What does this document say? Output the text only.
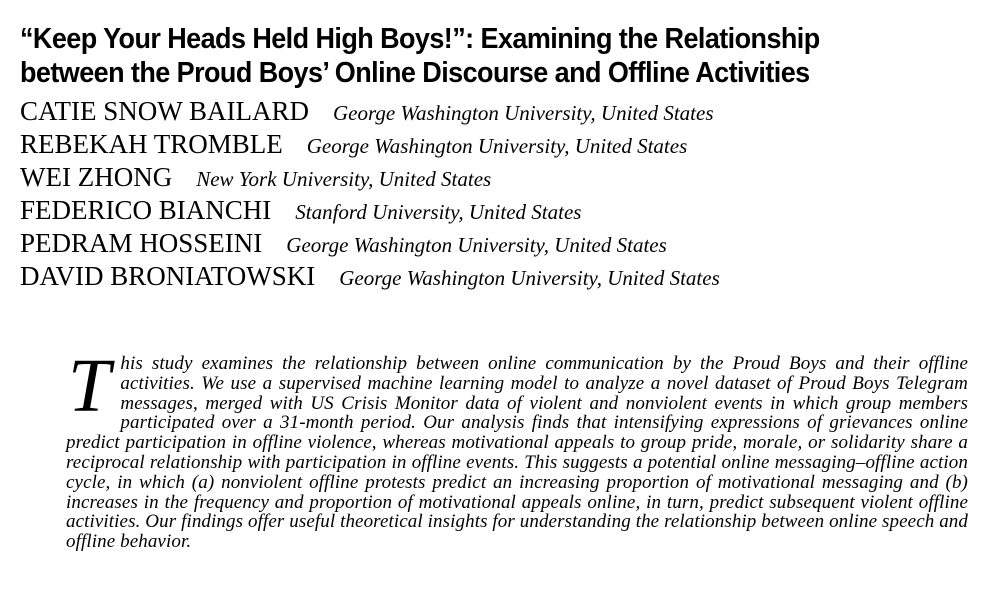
“Keep Your Heads Held High Boys!”: Examining the Relationship
between the Proud Boys’ Online Discourse and Offline Activities
CATIE SNOW BAILARD George Washington University, United States
REBEKAH TROMBLE George Washington University, United States
WEI ZHONG New York University, United States
FEDERICO BIANCHI Stanford University, United States
PEDRAM HOSSEINI George Washington University, United States
DAVID BRONIATOWSKI George Washington University, United States
This study examines the relationship between online communication by the Proud Boys and their offline activities. We use a supervised machine learning model to analyze a novel dataset of Proud Boys Telegram messages, merged with US Crisis Monitor data of violent and nonviolent events in which group members participated over a 31-month period. Our analysis finds that intensifying expressions of grievances online predict participation in offline violence, whereas motivational appeals to group pride, morale, or solidarity share a reciprocal relationship with participation in offline events. This suggests a potential online messaging–offline action cycle, in which (a) nonviolent offline protests predict an increasing proportion of motivational messaging and (b) increases in the frequency and proportion of motivational appeals online, in turn, predict subsequent violent offline activities. Our findings offer useful theoretical insights for understanding the relationship between online speech and offline behavior.
